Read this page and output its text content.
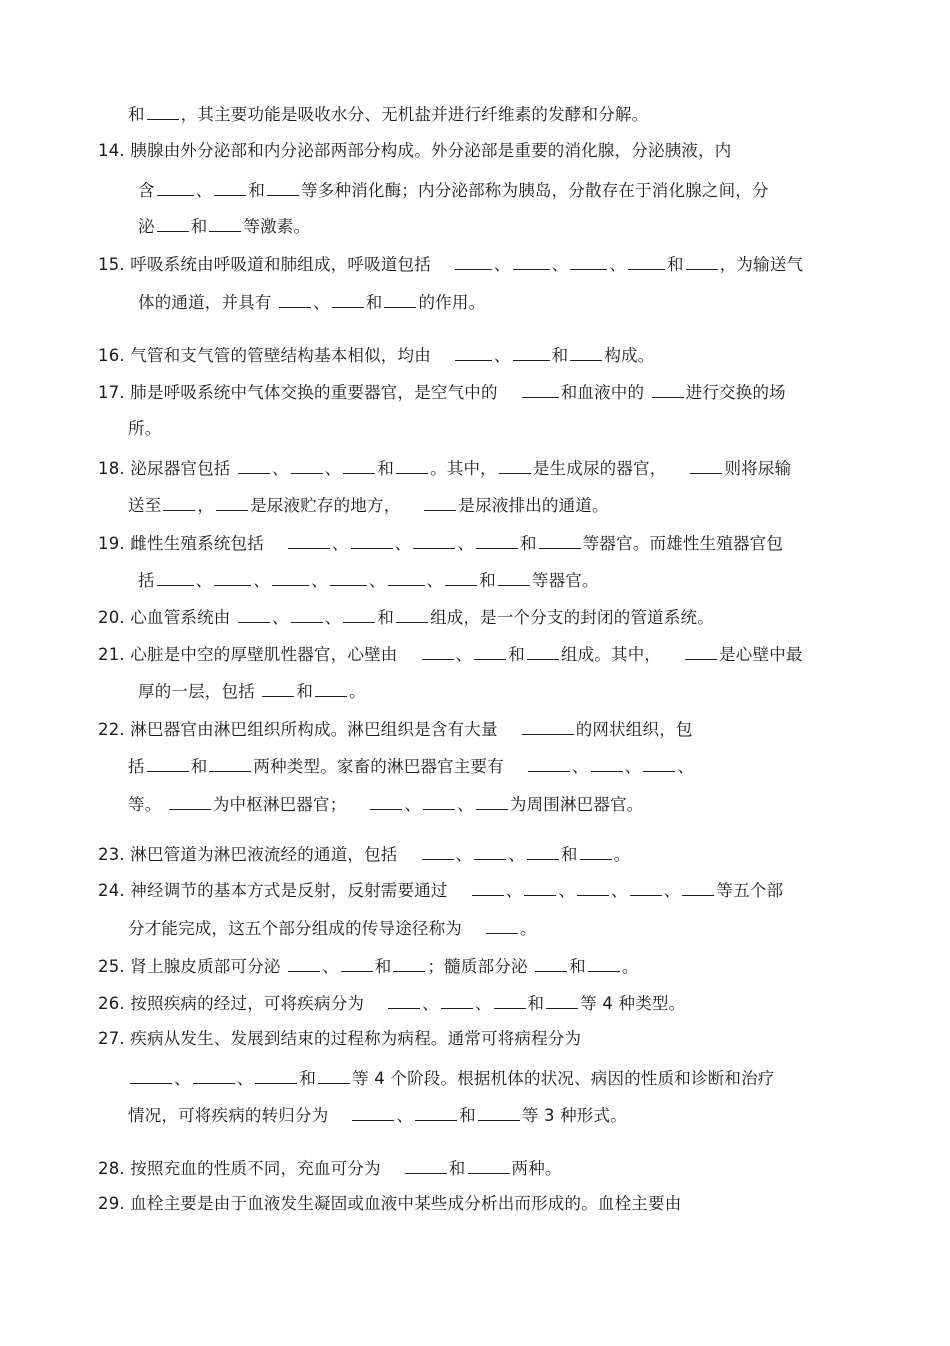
和 ，其主要功能是吸收水分、无机盐并进行纤维素的发酵和分解。
14. 胰腺由外分泌部和内分泌部两部分构成。外分泌部是重要的消化腺，分泌胰液，内
含 、 和 等多种消化酶；内分泌部称为胰岛，分散存在于消化腺之间，分
泌 和 等激素。
15. 呼吸系统由呼吸道和肺组成，呼吸道包括	、 、 、 和 ，为输送气
体的通道，并具有	、 和 的作用。
16. 气管和支气管的管壁结构基本相似，均由	、 和 构成。
17. 肺是呼吸系统中气体交换的重要器官，是空气中的	和血液中的	进行交换的场
所。
18. 泌尿器官包括	、 、 和 。其中， 是生成尿的器官，	则将尿输
送至 ， 是尿液贮存的地方，	是尿液排出的通道。
19. 雌性生殖系统包括	、	、	、	和	等器官。而雄性生殖器官包
括 、 、 、 、 、 和 等器官。
20. 心血管系统由	、 、 和 组成，是一个分支的封闭的管道系统。
21. 心脏是中空的厚壁肌性器官，心壁由	、 和 组成。其中，	是心壁中最
厚的一层，包括	和 。
22. 淋巴器官由淋巴组织所构成。淋巴组织是含有大量	的网状组织，包
括	和	两种类型。家畜的淋巴器官主要有	、 、 、
等。	为中枢淋巴器官；	、 、 为周围淋巴器官。
23. 淋巴管道为淋巴液流经的通道，包括	、 、 和 。
24. 神经调节的基本方式是反射，反射需要通过	、 、 、 、 等五个部
分才能完成，这五个部分组成的传导途径称为	。
25. 肾上腺皮质部可分泌	、 和 ；髓质部分泌	和 。
26. 按照疾病的经过，可将疾病分为	、 、 和 等 4 种类型。
27. 疾病从发生、发展到结束的过程称为病程。通常可将病程分为
、	、	和 等 4 个阶段。根据机体的状况、病因的性质和诊断和治疗
情况，可将疾病的转归分为	、	和	等 3 种形式。
28. 按照充血的性质不同，充血可分为	和	两种。
29. 血栓主要是由于血液发生凝固或血液中某些成分析出而形成的。血栓主要由
